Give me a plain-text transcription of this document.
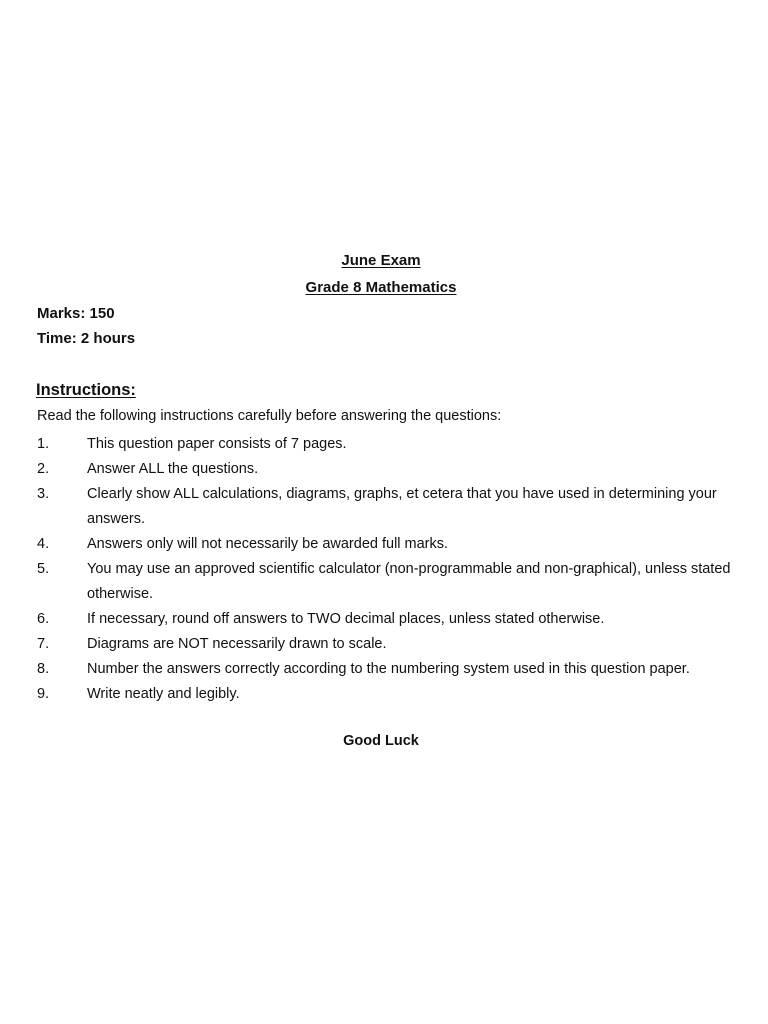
June Exam
Grade 8 Mathematics
Marks: 150
Time: 2 hours
Instructions:
Read the following instructions carefully before answering the questions:
1.	This question paper consists of 7 pages.
2.	Answer ALL the questions.
3.	Clearly show ALL calculations, diagrams, graphs, et cetera that you have used in determining your answers.
4.	Answers only will not necessarily be awarded full marks.
5.	You may use an approved scientific calculator (non-programmable and non-graphical), unless stated otherwise.
6.	If necessary, round off answers to TWO decimal places, unless stated otherwise.
7.	Diagrams are NOT necessarily drawn to scale.
8.	Number the answers correctly according to the numbering system used in this question paper.
9.	Write neatly and legibly.
Good Luck
